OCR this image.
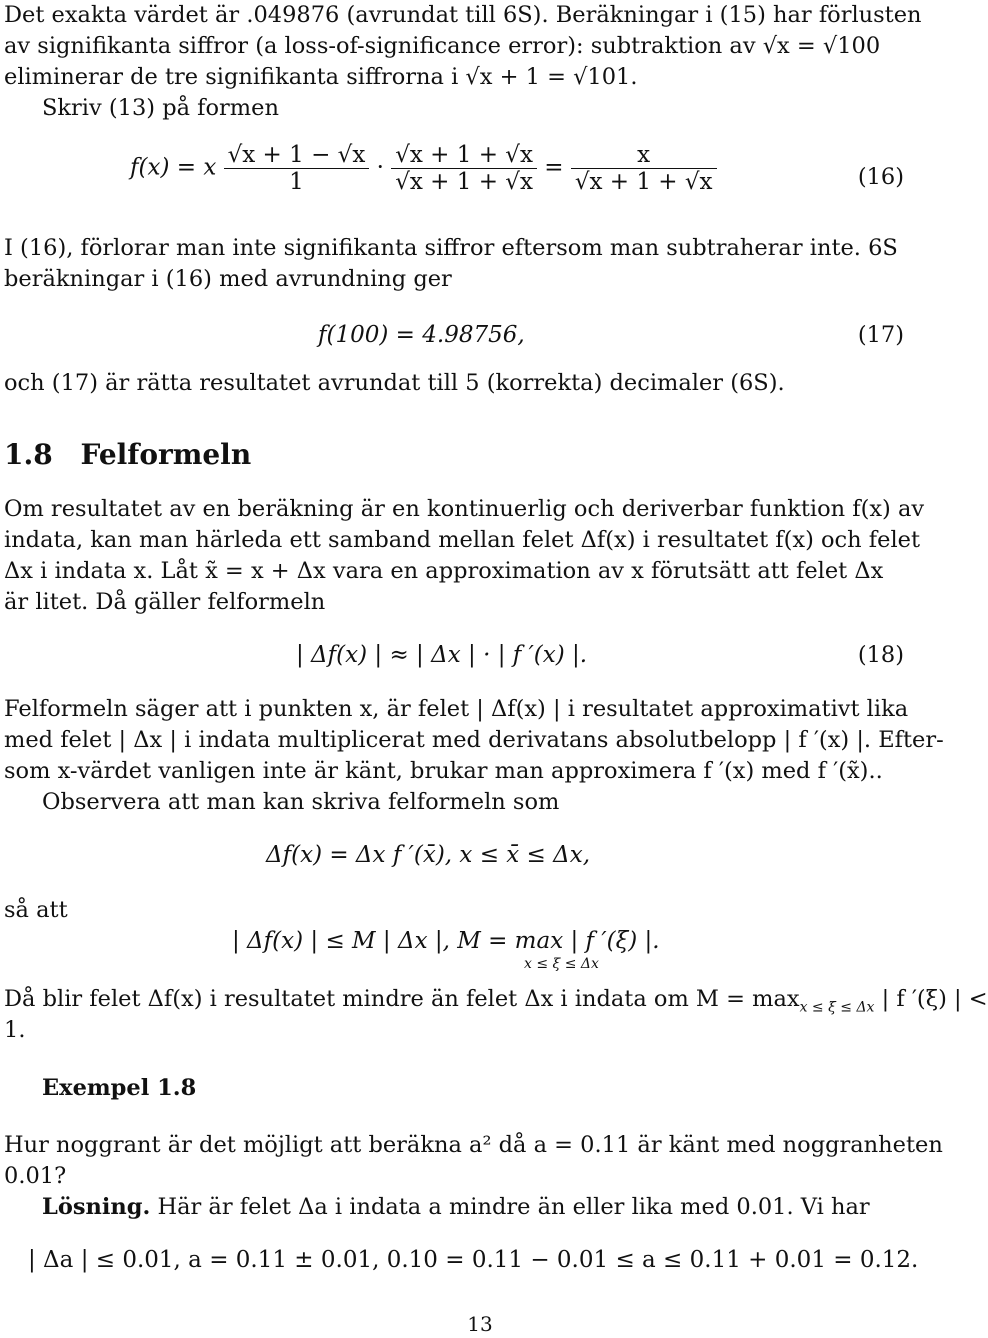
Det exakta värdet är .049876 (avrundat till 6S). Beräkningar i (15) har förlusten
av signifikanta siffror (a loss-of-significance error): subtraktion av √x = √100
eliminerar de tre signifikanta siffrorna i √x + 1 = √101.
Skriv (13) på formen
f(x) = x $\frac{√x + 1 - √x}{1} \cdot \frac{√x + 1 + √x}{√x + 1 + √x} = \frac{x}{√x + 1 + √x}$	(16)
I (16), förlorar man inte signifikanta siffror eftersom man subtraherar inte. 6S
beräkningar i (16) med avrundning ger
f(100) = 4.98756,	(17)
och (17) är rätta resultatet avrundat till 5 (korrekta) decimaler (6S).
1.8 Felformeln
Om resultatet av en beräkning är en kontinuerlig och deriverbar funktion f(x) av
indata, kan man härleda ett samband mellan felet Δf(x) i resultatet f(x) och felet
Δx i indata x. Låt x̃ = x + Δx vara en approximation av x förutsätt att felet Δx
är litet. Då gäller felformeln
| Δf(x) | ≈ | Δx | · | f ′(x) |.	(18)
Felformeln säger att i punkten x, är felet | Δf(x) | i resultatet approximativt lika
med felet | Δx | i indata multiplicerat med derivatans absolutbelopp | f ′(x) |. Efter-
som x-värdet vanligen inte är känt, brukar man approximera f ′(x) med f ′(x̃)..
Observera att man kan skriva felformeln som
Δf(x) = Δx f ′(x̄), x ≤ x̄ ≤ Δx,
så att
| Δf(x) | ≤ M | Δx |, M = max | f ′(ξ) |.
x ≤ ξ ≤ Δx
Då blir felet Δf(x) i resultatet mindre än felet Δx i indata om $M = \max_{x \le \xi \le \Delta x}$ | f ′(ξ) | <
1.
Exempel 1.8
Hur noggrant är det möjligt att beräkna a² då a = 0.11 är känt med noggranheten
0.01?
Lösning. Här är felet Δa i indata a mindre än eller lika med 0.01. Vi har
| Δa | ≤ 0.01, a = 0.11 ± 0.01, 0.10 = 0.11 − 0.01 ≤ a ≤ 0.11 + 0.01 = 0.12.
13
